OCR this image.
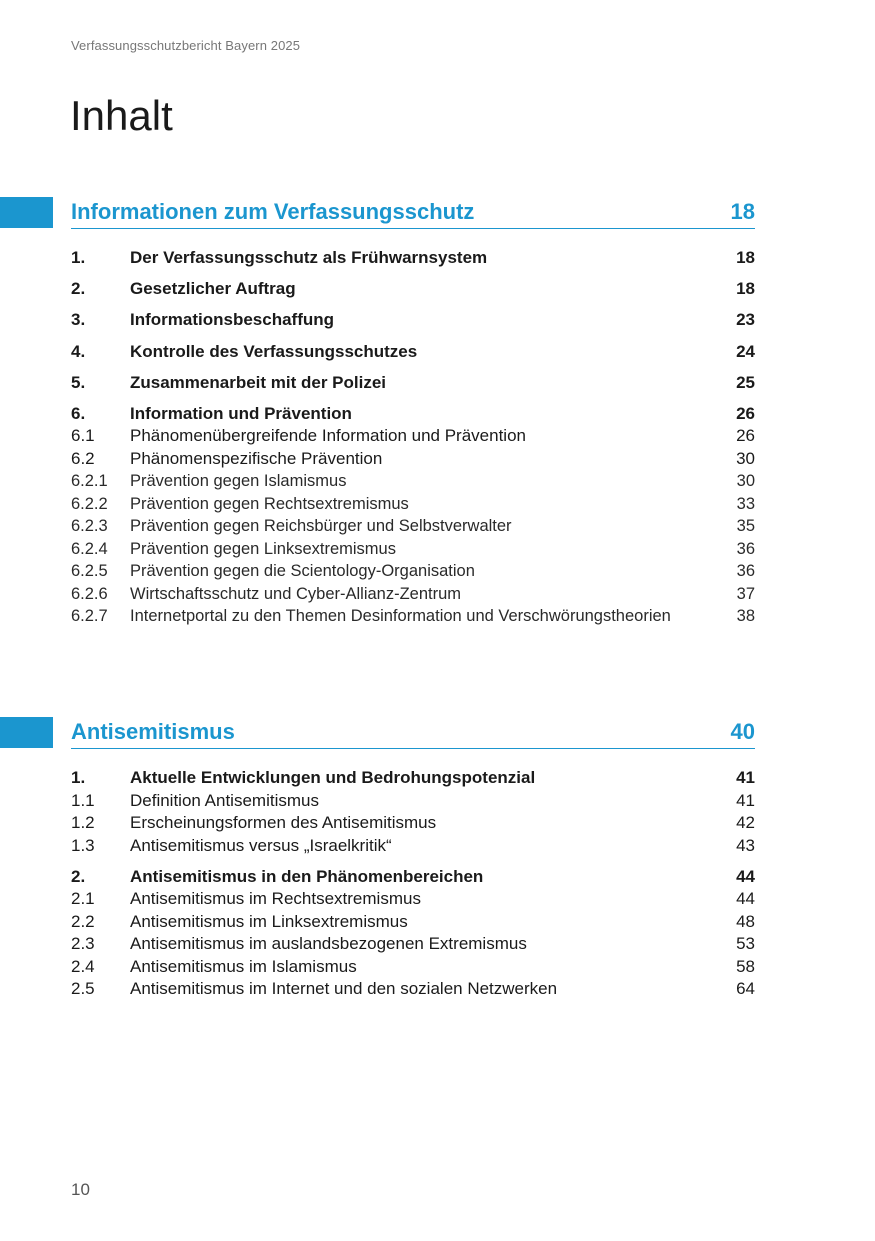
Verfassungsschutzbericht Bayern 2025
Inhalt
Informationen zum Verfassungsschutz	18
1.	Der Verfassungsschutz als Frühwarnsystem	18
2.	Gesetzlicher Auftrag	18
3.	Informationsbeschaffung	23
4.	Kontrolle des Verfassungsschutzes	24
5.	Zusammenarbeit mit der Polizei	25
6.	Information und Prävention	26
6.1	Phänomenübergreifende Information und Prävention	26
6.2	Phänomenspezifische Prävention	30
6.2.1	Prävention gegen Islamismus	30
6.2.2	Prävention gegen Rechtsextremismus	33
6.2.3	Prävention gegen Reichsbürger und Selbstverwalter	35
6.2.4	Prävention gegen Linksextremismus	36
6.2.5	Prävention gegen die Scientology-Organisation	36
6.2.6	Wirtschaftsschutz und Cyber-Allianz-Zentrum	37
6.2.7	Internetportal zu den Themen Desinformation und Verschwörungstheorien	38
Antisemitismus	40
1.	Aktuelle Entwicklungen und Bedrohungspotenzial	41
1.1	Definition Antisemitismus	41
1.2	Erscheinungsformen des Antisemitismus	42
1.3	Antisemitismus versus „Israelkritik“	43
2.	Antisemitismus in den Phänomenbereichen	44
2.1	Antisemitismus im Rechtsextremismus	44
2.2	Antisemitismus im Linksextremismus	48
2.3	Antisemitismus im auslandsbezogenen Extremismus	53
2.4	Antisemitismus im Islamismus	58
2.5	Antisemitismus im Internet und den sozialen Netzwerken	64
10
